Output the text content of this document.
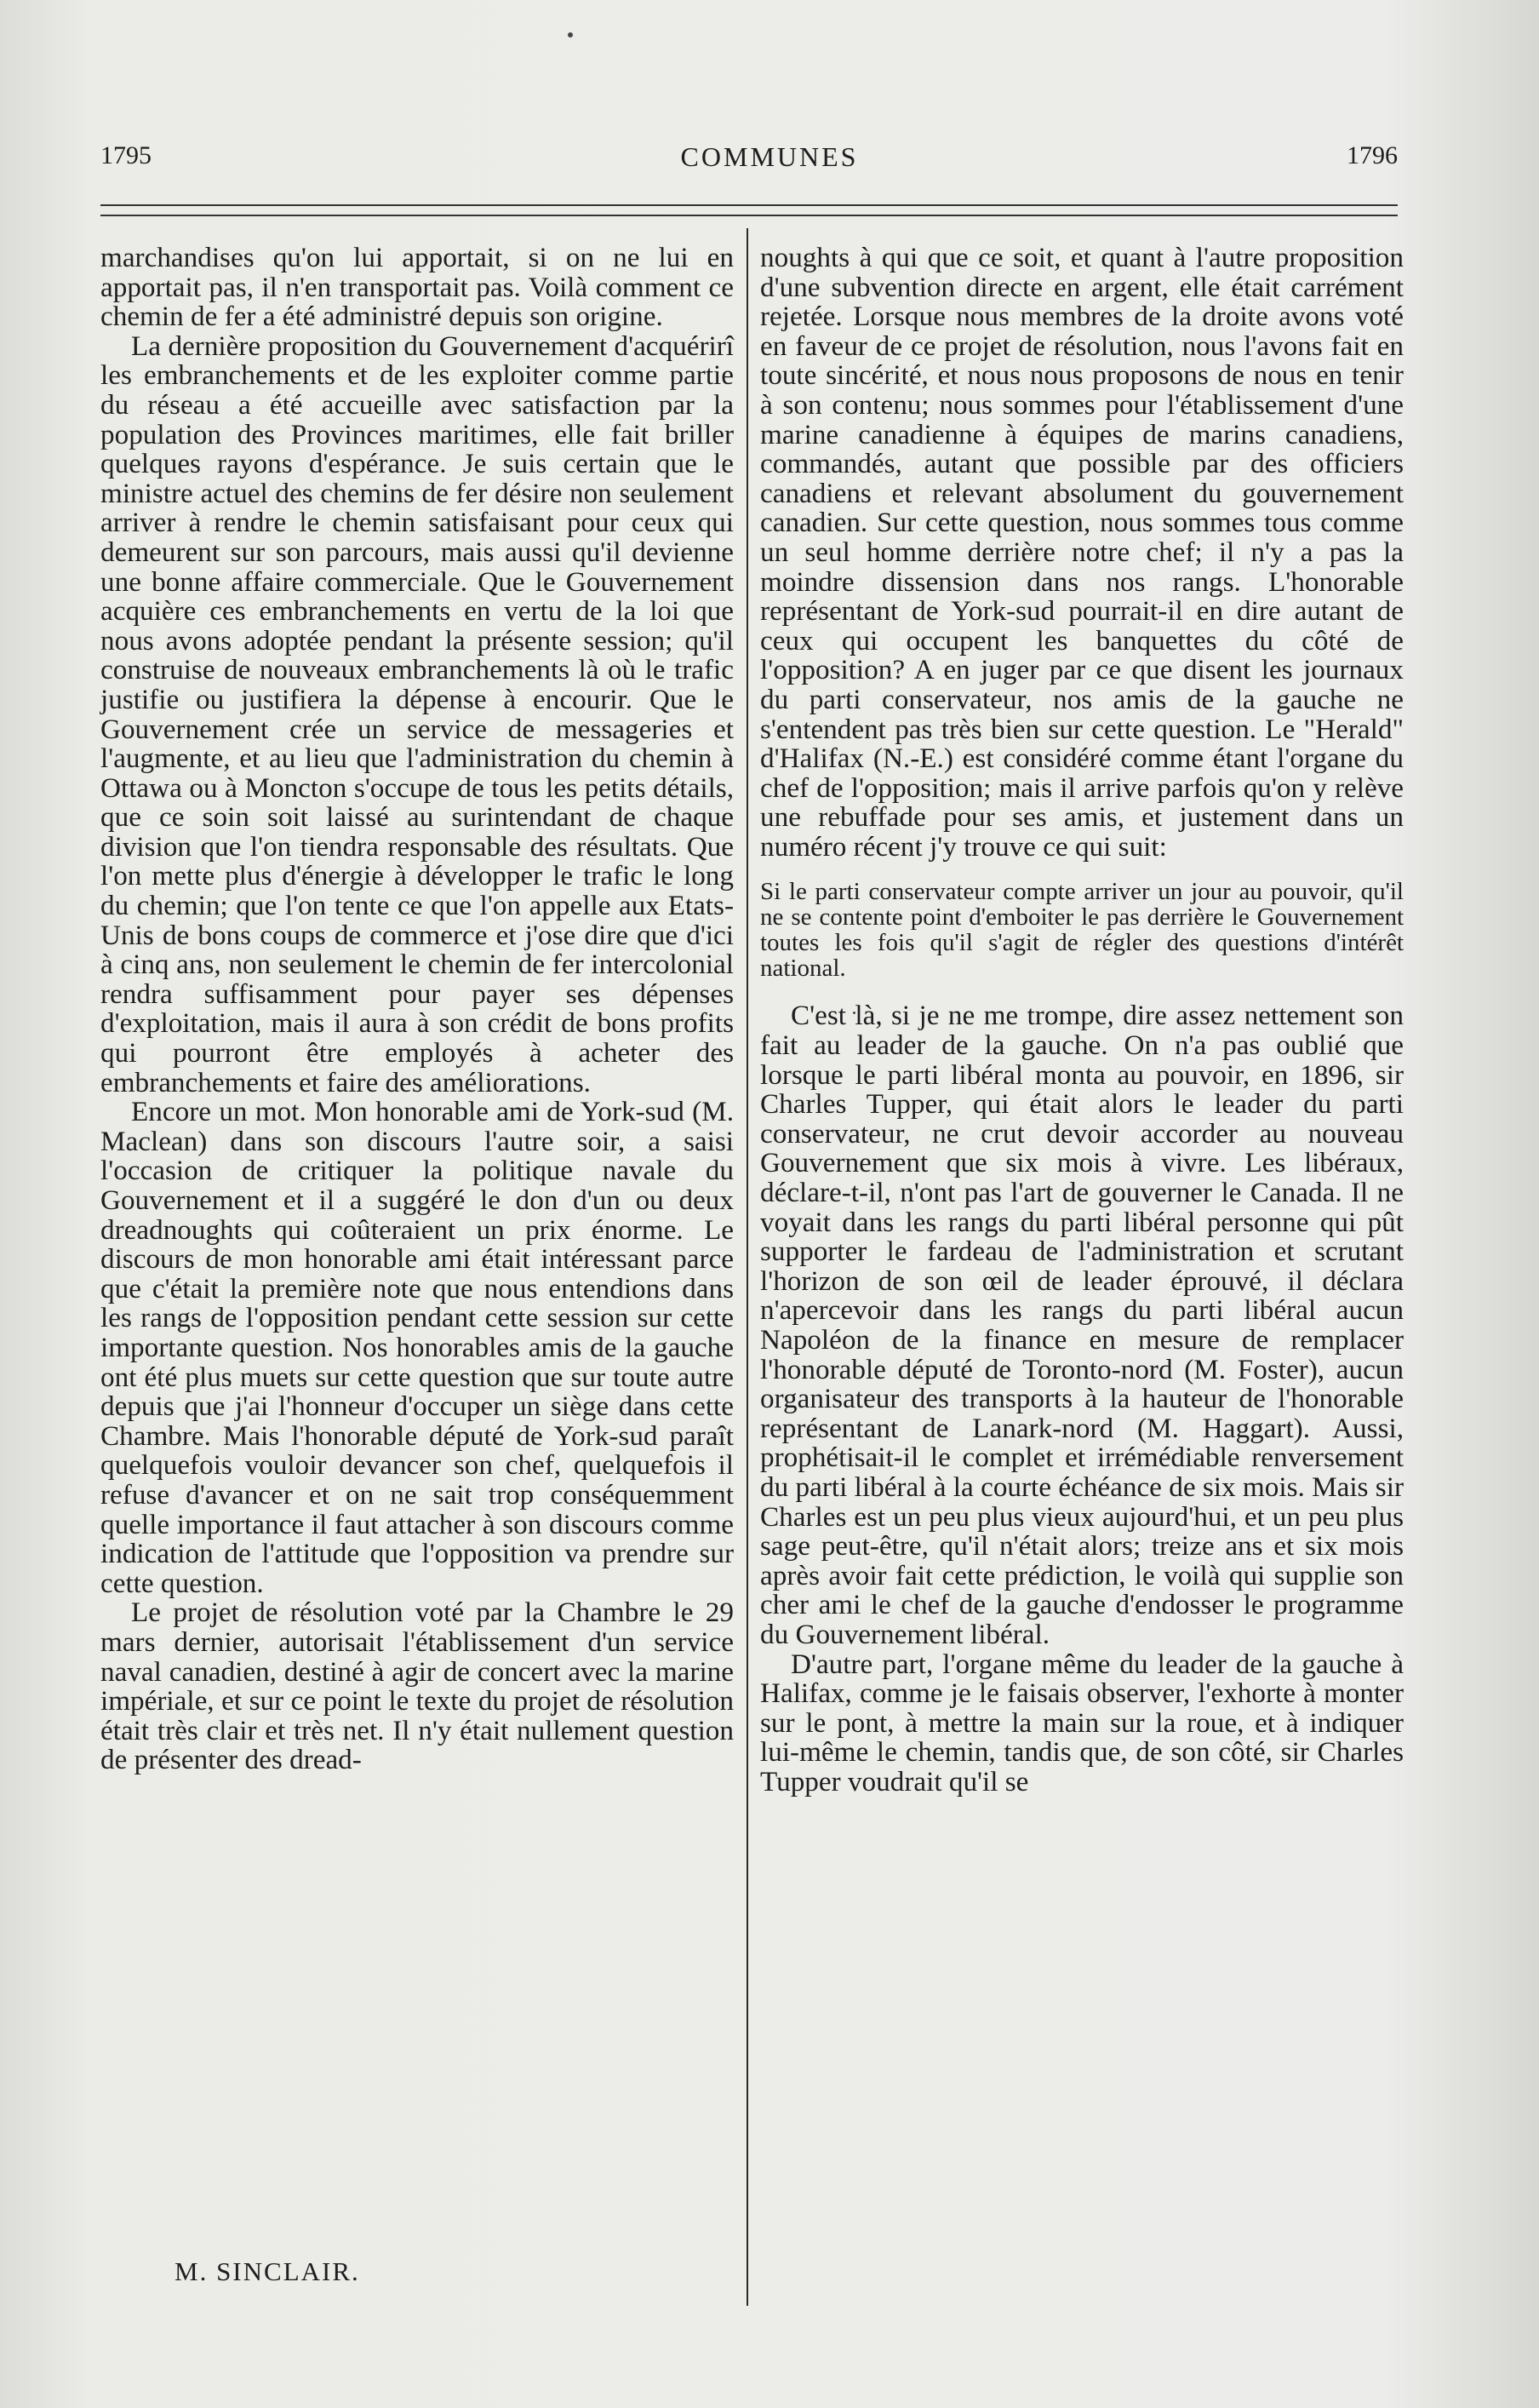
1795	COMMUNES	1796

marchandises qu'on lui apportait, si on ne lui en apportait pas, il n'en transportait pas. Voilà comment ce chemin de fer a été administré depuis son origine.

La dernière proposition du Gouvernement d'acquérirî les embranchements et de les exploiter comme partie du réseau a été accueille avec satisfaction par la population des Provinces maritimes, elle fait briller quelques rayons d'espérance. Je suis certain que le ministre actuel des chemins de fer désire non seulement arriver à rendre le chemin satisfaisant pour ceux qui demeurent sur son parcours, mais aussi qu'il devienne une bonne affaire commerciale. Que le Gouvernement acquière ces embranchements en vertu de la loi que nous avons adoptée pendant la présente session; qu'il construise de nouveaux embranchements là où le trafic justifie ou justifiera la dépense à encourir. Que le Gouvernement crée un service de messageries et l'augmente, et au lieu que l'administration du chemin à Ottawa ou à Moncton s'occupe de tous les petits détails, que ce soin soit laissé au surintendant de chaque division que l'on tiendra responsable des résultats. Que l'on mette plus d'énergie à développer le trafic le long du chemin; que l'on tente ce que l'on appelle aux Etats-Unis de bons coups de commerce et j'ose dire que d'ici à cinq ans, non seulement le chemin de fer intercolonial rendra suffisamment pour payer ses dépenses d'exploitation, mais il aura à son crédit de bons profits qui pourront être employés à acheter des embranchements et faire des améliorations.

Encore un mot. Mon honorable ami de York-sud (M. Maclean) dans son discours l'autre soir, a saisi l'occasion de critiquer la politique navale du Gouvernement et il a suggéré le don d'un ou deux dreadnoughts qui coûteraient un prix énorme. Le discours de mon honorable ami était intéressant parce que c'était la première note que nous entendions dans les rangs de l'opposition pendant cette session sur cette importante question. Nos honorables amis de la gauche ont été plus muets sur cette question que sur toute autre depuis que j'ai l'honneur d'occuper un siège dans cette Chambre. Mais l'honorable député de York-sud paraît quelquefois vouloir devancer son chef, quelquefois il refuse d'avancer et on ne sait trop conséquemment quelle importance il faut attacher à son discours comme indication de l'attitude que l'opposition va prendre sur cette question.

Le projet de résolution voté par la Chambre le 29 mars dernier, autorisait l'établissement d'un service naval canadien, destiné à agir de concert avec la marine impériale, et sur ce point le texte du projet de résolution était très clair et très net. Il n'y était nullement question de présenter des dread-

M. SINCLAIR.

noughts à qui que ce soit, et quant à l'autre proposition d'une subvention directe en argent, elle était carrément rejetée. Lorsque nous membres de la droite avons voté en faveur de ce projet de résolution, nous l'avons fait en toute sincérité, et nous nous proposons de nous en tenir à son contenu; nous sommes pour l'établissement d'une marine canadienne à équipes de marins canadiens, commandés, autant que possible par des officiers canadiens et relevant absolument du gouvernement canadien. Sur cette question, nous sommes tous comme un seul homme derrière notre chef; il n'y a pas la moindre dissension dans nos rangs. L'honorable représentant de York-sud pourrait-il en dire autant de ceux qui occupent les banquettes du côté de l'opposition? A en juger par ce que disent les journaux du parti conservateur, nos amis de la gauche ne s'entendent pas très bien sur cette question. Le "Herald" d'Halifax (N.-E.) est considéré comme étant l'organe du chef de l'opposition; mais il arrive parfois qu'on y relève une rebuffade pour ses amis, et justement dans un numéro récent j'y trouve ce qui suit:

Si le parti conservateur compte arriver un jour au pouvoir, qu'il ne se contente point d'emboiter le pas derrière le Gouvernement toutes les fois qu'il s'agit de régler des questions d'intérêt national.

C'est là, si je ne me trompe, dire assez nettement son fait au leader de la gauche. On n'a pas oublié que lorsque le parti libéral monta au pouvoir, en 1896, sir Charles Tupper, qui était alors le leader du parti conservateur, ne crut devoir accorder au nouveau Gouvernement que six mois à vivre. Les libéraux, déclare-t-il, n'ont pas l'art de gouverner le Canada. Il ne voyait dans les rangs du parti libéral personne qui pût supporter le fardeau de l'administration et scrutant l'horizon de son œil de leader éprouvé, il déclara n'apercevoir dans les rangs du parti libéral aucun Napoléon de la finance en mesure de remplacer l'honorable député de Toronto-nord (M. Foster), aucun organisateur des transports à la hauteur de l'honorable représentant de Lanark-nord (M. Haggart). Aussi, prophétisait-il le complet et irrémédiable renversement du parti libéral à la courte échéance de six mois. Mais sir Charles est un peu plus vieux aujourd'hui, et un peu plus sage peut-être, qu'il n'était alors; treize ans et six mois après avoir fait cette prédiction, le voilà qui supplie son cher ami le chef de la gauche d'endosser le programme du Gouvernement libéral.

D'autre part, l'organe même du leader de la gauche à Halifax, comme je le faisais observer, l'exhorte à monter sur le pont, à mettre la main sur la roue, et à indiquer lui-même le chemin, tandis que, de son côté, sir Charles Tupper voudrait qu'il se
